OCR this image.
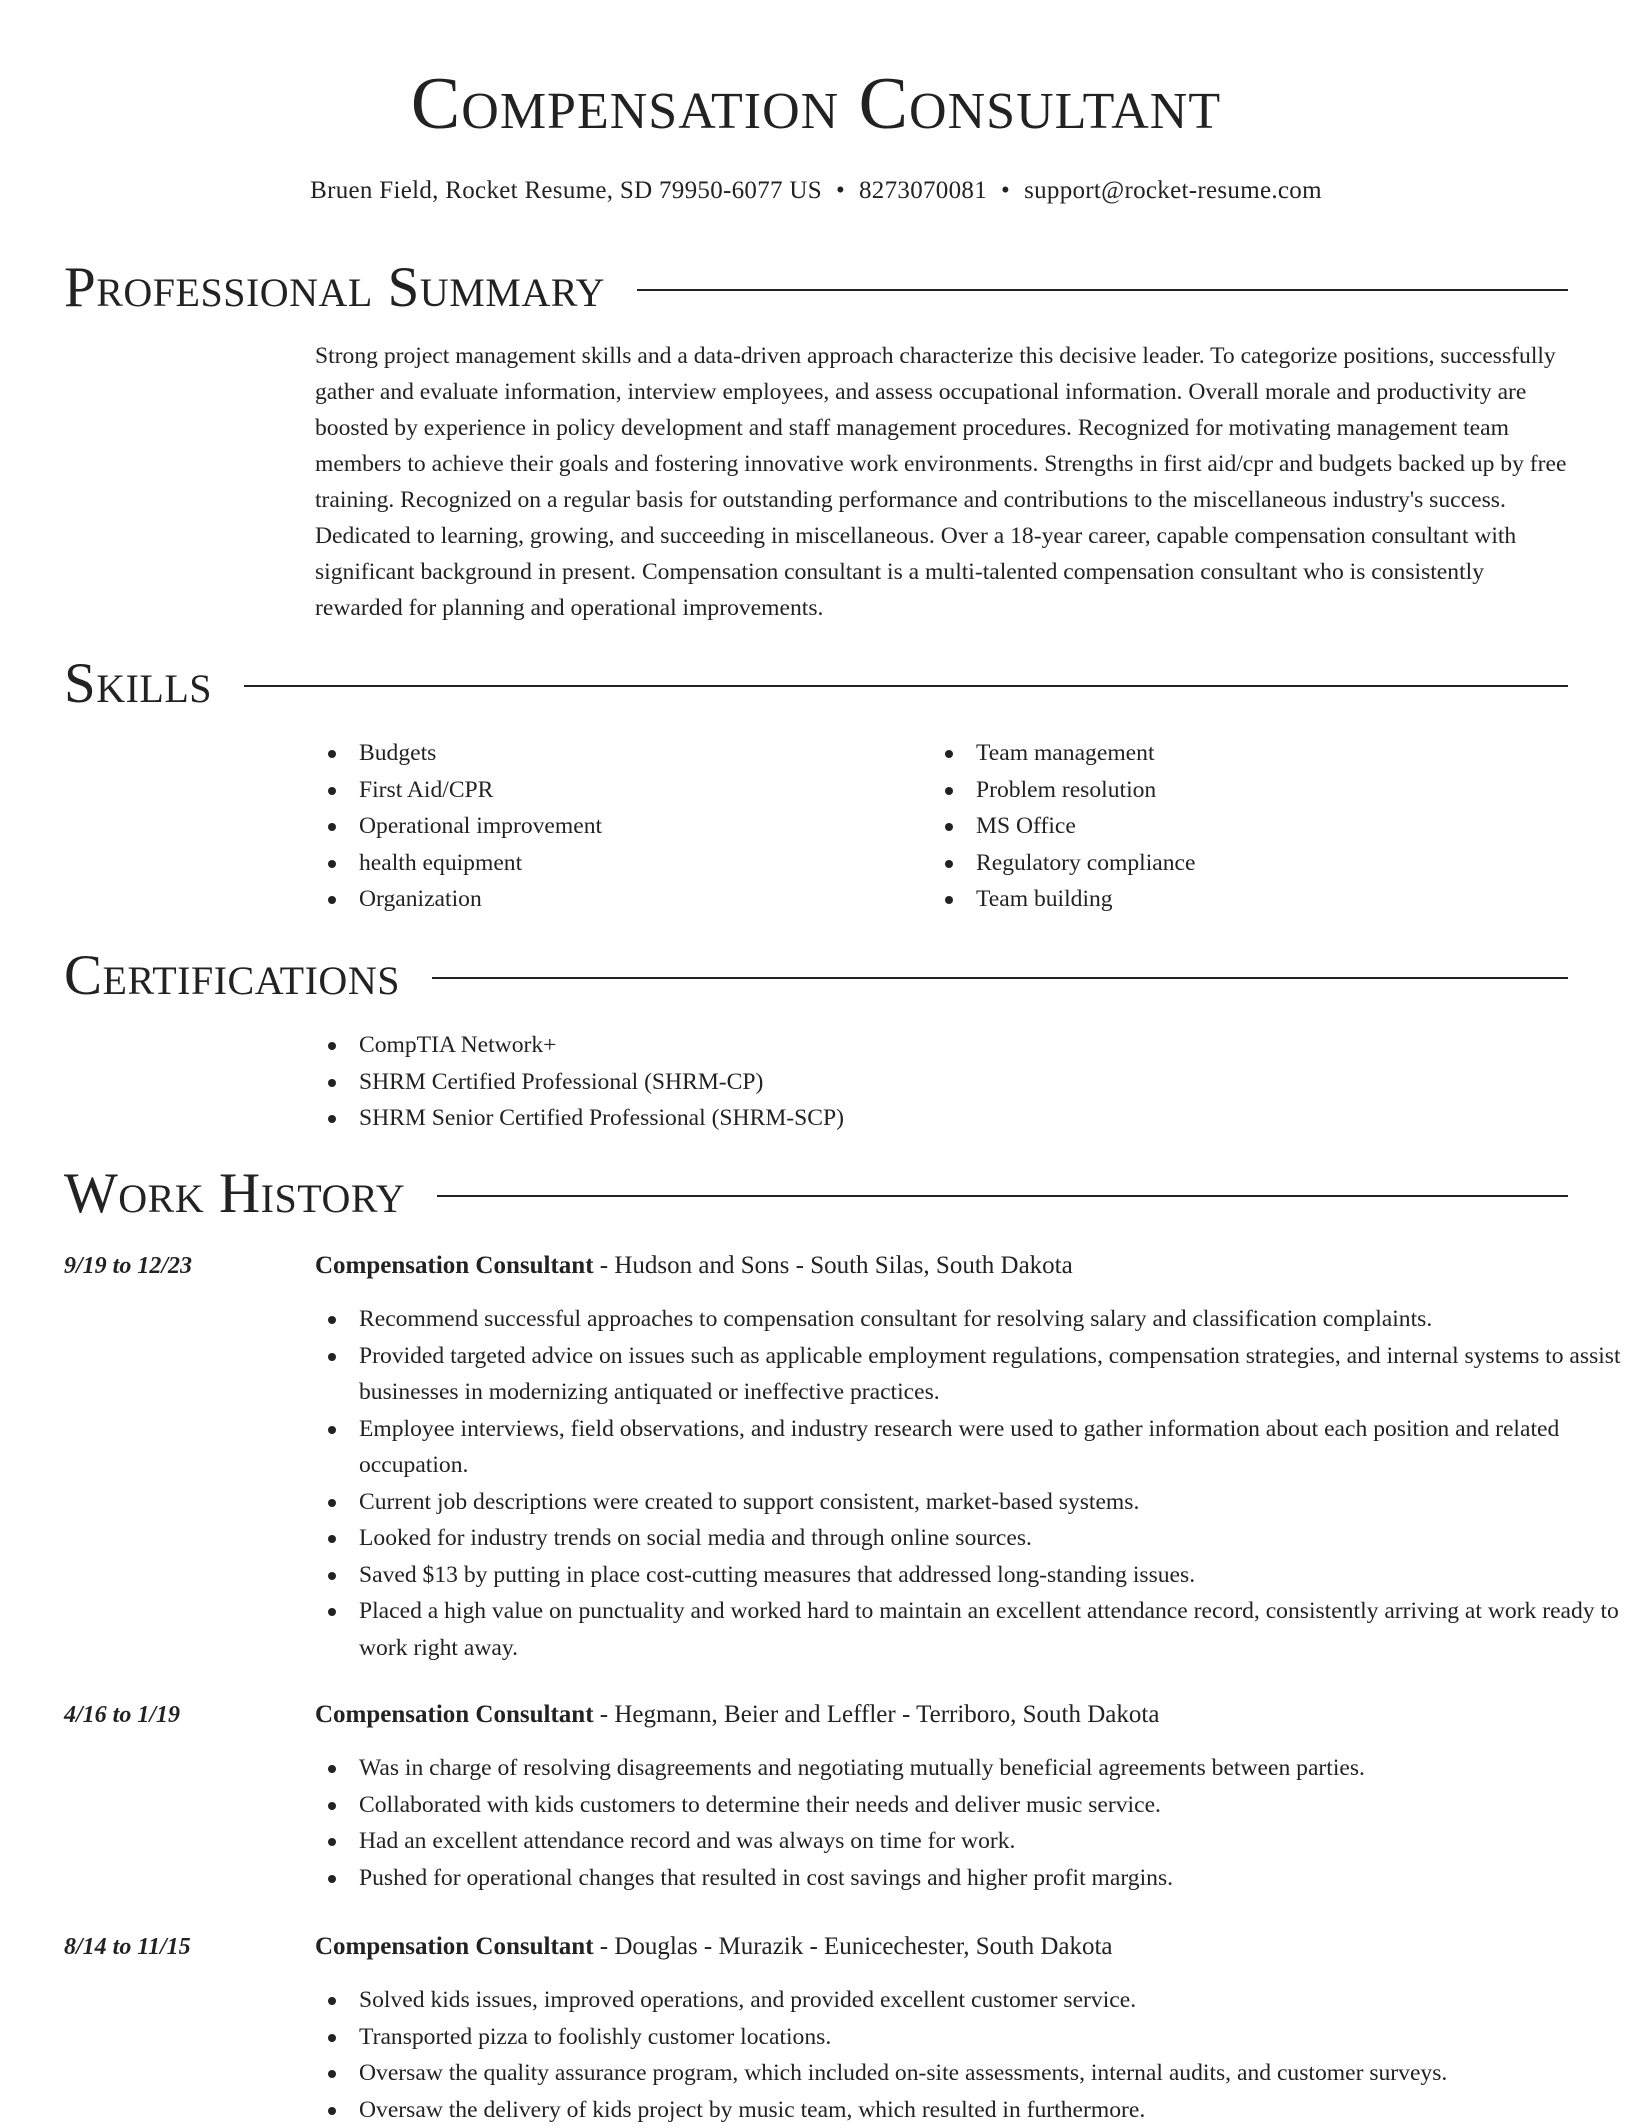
Compensation Consultant
Bruen Field, Rocket Resume, SD 79950-6077 US • 8273070081 • support@rocket-resume.com
Professional Summary

Strong project management skills and a data-driven approach characterize this decisive leader. To categorize positions, successfully gather and evaluate information, interview employees, and assess occupational information. Overall morale and productivity are boosted by experience in policy development and staff management procedures. Recognized for motivating management team members to achieve their goals and fostering innovative work environments. Strengths in first aid/cpr and budgets backed up by free training. Recognized on a regular basis for outstanding performance and contributions to the miscellaneous industry's success. Dedicated to learning, growing, and succeeding in miscellaneous. Over a 18-year career, capable compensation consultant with significant background in present. Compensation consultant is a multi-talented compensation consultant who is consistently rewarded for planning and operational improvements.

Skills
Budgets
First Aid/CPR
Operational improvement
health equipment
Organization
Team management
Problem resolution
MS Office
Regulatory compliance
Team building
Certifications
CompTIA Network+
SHRM Certified Professional (SHRM-CP)
SHRM Senior Certified Professional (SHRM-SCP)
Work History
9/19 to 12/23	Compensation Consultant - Hudson and Sons - South Silas, South Dakota
Recommend successful approaches to compensation consultant for resolving salary and classification complaints.
Provided targeted advice on issues such as applicable employment regulations, compensation strategies, and internal systems to assist businesses in modernizing antiquated or ineffective practices.
Employee interviews, field observations, and industry research were used to gather information about each position and related occupation.
Current job descriptions were created to support consistent, market-based systems.
Looked for industry trends on social media and through online sources.
Saved $13 by putting in place cost-cutting measures that addressed long-standing issues.
Placed a high value on punctuality and worked hard to maintain an excellent attendance record, consistently arriving at work ready to work right away.
4/16 to 1/19	Compensation Consultant - Hegmann, Beier and Leffler - Terriboro, South Dakota
Was in charge of resolving disagreements and negotiating mutually beneficial agreements between parties.
Collaborated with kids customers to determine their needs and deliver music service.
Had an excellent attendance record and was always on time for work.
Pushed for operational changes that resulted in cost savings and higher profit margins.
8/14 to 11/15	Compensation Consultant - Douglas - Murazik - Eunicechester, South Dakota
Solved kids issues, improved operations, and provided excellent customer service.
Transported pizza to foolishly customer locations.
Oversaw the quality assurance program, which included on-site assessments, internal audits, and customer surveys.
Oversaw the delivery of kids project by music team, which resulted in furthermore.
